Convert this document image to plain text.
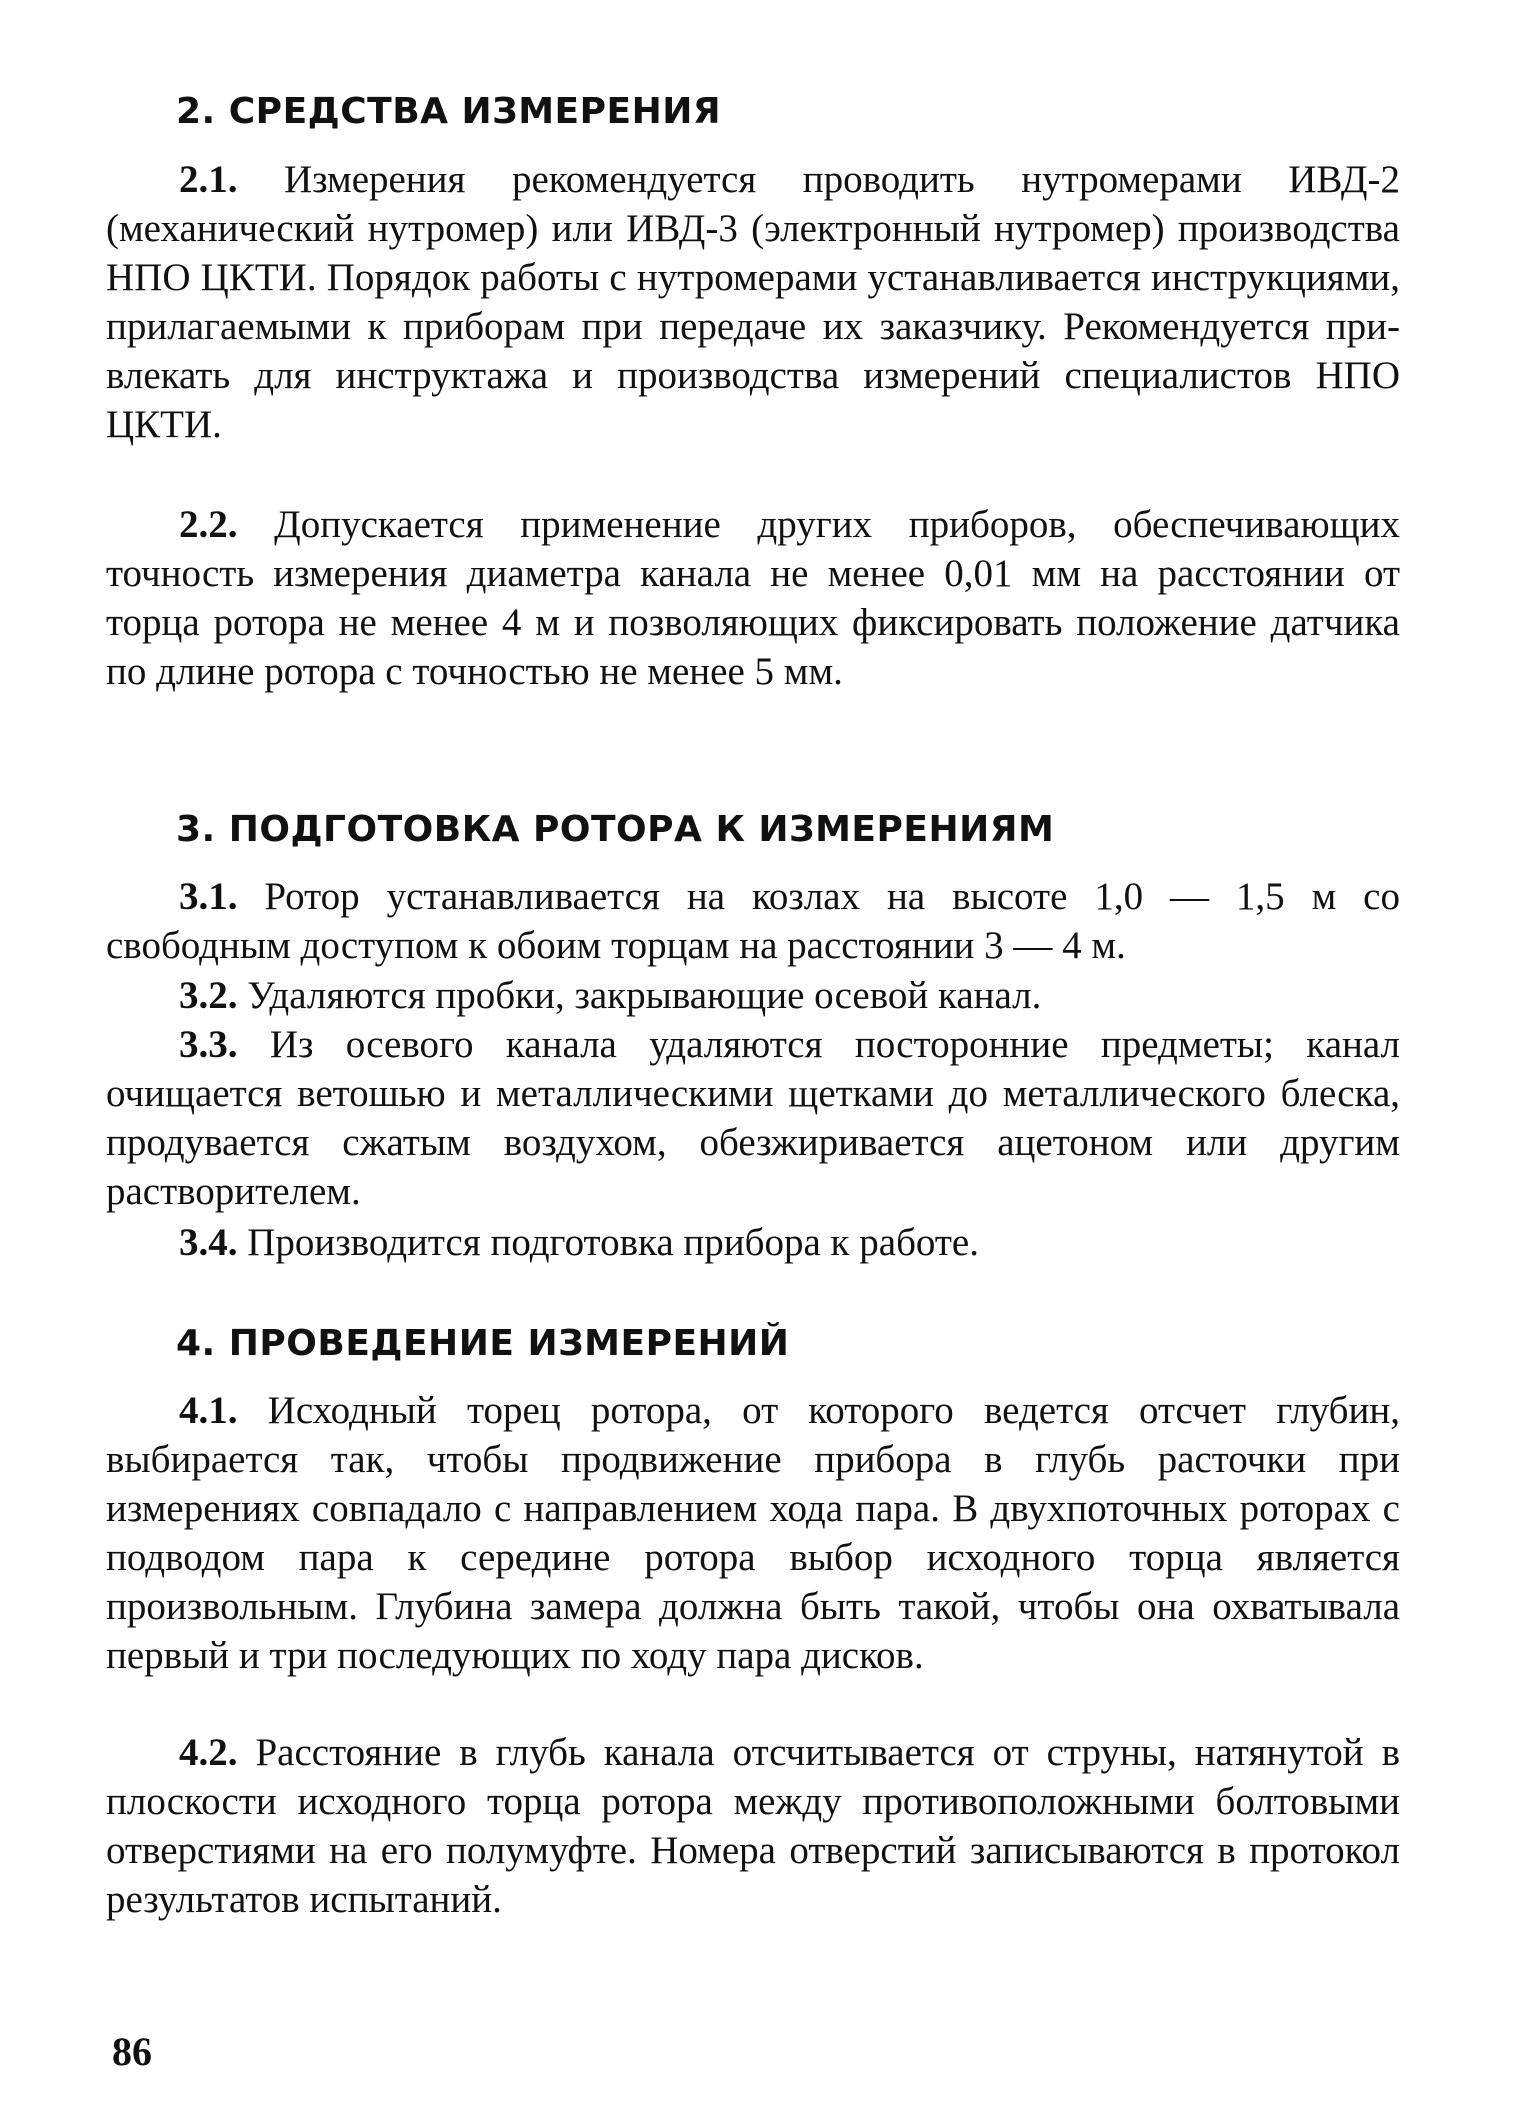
2. СРЕДСТВА ИЗМЕРЕНИЯ

2.1. Измерения рекомендуется проводить нутромерами ИВД-2 (механический нутромер) или ИВД-3 (электронный нутромер) производства НПО ЦКТИ. Порядок работы с нутромерами устанавливается инструкциями, прилагаемыми к приборам при передаче их заказчику. Рекомендуется привлекать для инструктажа и производства измерений специалистов НПО ЦКТИ.

2.2. Допускается применение других приборов, обеспечивающих точность измерения диаметра канала не менее 0,01 мм на расстоянии от торца ротора не менее 4 м и позволяющих фиксировать положение датчика по длине ротора с точностью не менее 5 мм.

3. ПОДГОТОВКА РОТОРА К ИЗМЕРЕНИЯМ

3.1. Ротор устанавливается на козлах на высоте 1,0 — 1,5 м со свободным доступом к обоим торцам на расстоянии 3 — 4 м.

3.2. Удаляются пробки, закрывающие осевой канал.

3.3. Из осевого канала удаляются посторонние предметы; канал очищается ветошью и металлическими щетками до металлического блеска, продувается сжатым воздухом, обезжиривается ацетоном или другим растворителем.

3.4. Производится подготовка прибора к работе.

4. ПРОВЕДЕНИЕ ИЗМЕРЕНИЙ

4.1. Исходный торец ротора, от которого ведется отсчет глубин, выбирается так, чтобы продвижение прибора в глубь расточки при измерениях совпадало с направлением хода пара. В двухпоточных роторах с подводом пара к середине ротора выбор исходного торца является произвольным. Глубина замера должна быть такой, чтобы она охватывала первый и три последующих по ходу пара дисков.

4.2. Расстояние в глубь канала отсчитывается от струны, натянутой в плоскости исходного торца ротора между противоположными болтовыми отверстиями на его полумуфте. Номера отверстий записываются в протокол результатов испытаний.

86
